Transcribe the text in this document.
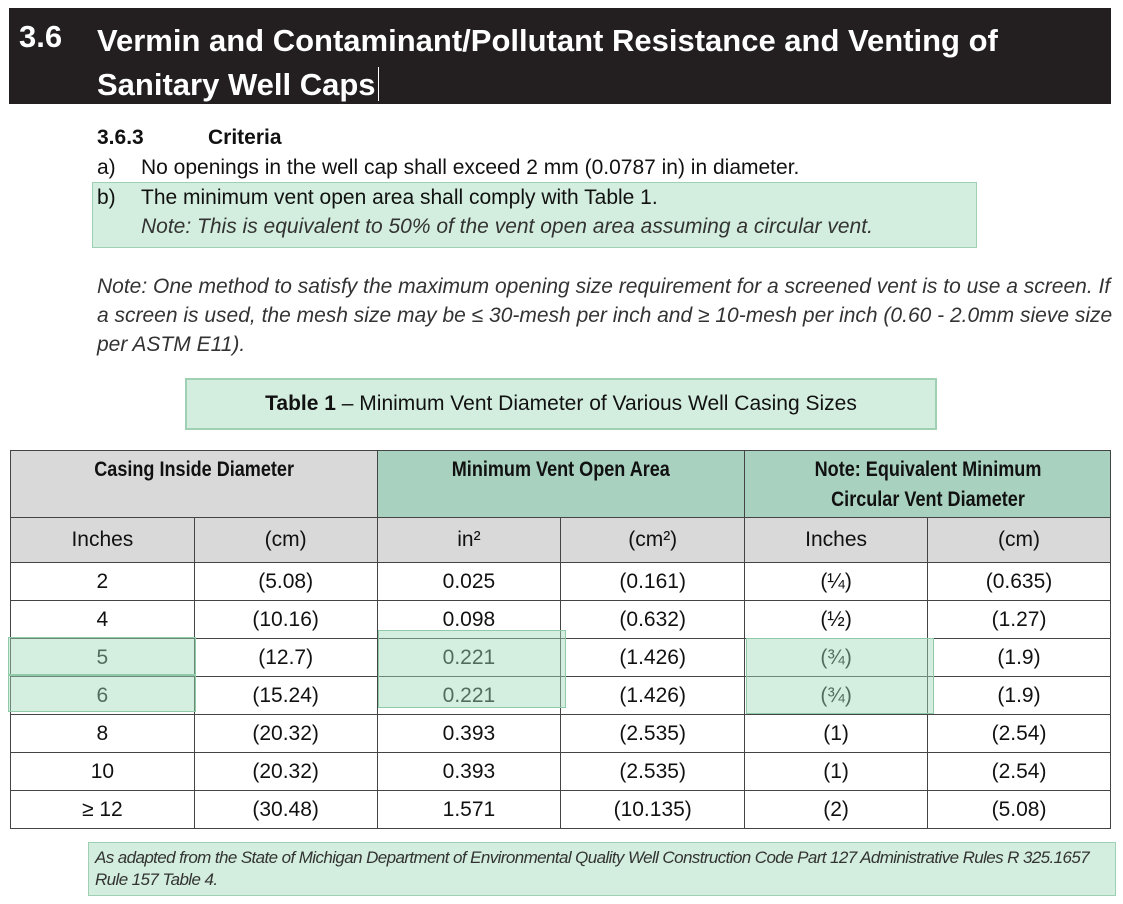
3.6 Vermin and Contaminant/Pollutant Resistance and Venting of Sanitary Well Caps
3.6.3	Criteria
a) No openings in the well cap shall exceed 2 mm (0.0787 in) in diameter.
b) The minimum vent open area shall comply with Table 1.
Note: This is equivalent to 50% of the vent open area assuming a circular vent.
Note: One method to satisfy the maximum opening size requirement for a screened vent is to use a screen. If a screen is used, the mesh size may be ≤ 30-mesh per inch and ≥ 10-mesh per inch (0.60 - 2.0mm sieve size per ASTM E11).
Table 1 – Minimum Vent Diameter of Various Well Casing Sizes
Casing Inside Diameter		Minimum Vent Open Area		Note: Equivalent Minimum Circular Vent Diameter	
Inches	(cm)	in²	(cm²)	Inches	(cm)
2	(5.08)	0.025	(0.161)	(¼)	(0.635)
4	(10.16)	0.098	(0.632)	(½)	(1.27)
5	(12.7)	0.221	(1.426)	(¾)	(1.9)
6	(15.24)	0.221	(1.426)	(¾)	(1.9)
8	(20.32)	0.393	(2.535)	(1)	(2.54)
10	(20.32)	0.393	(2.535)	(1)	(2.54)
≥ 12	(30.48)	1.571	(10.135)	(2)	(5.08)
As adapted from the State of Michigan Department of Environmental Quality Well Construction Code Part 127 Administrative Rules R 325.1657 Rule 157 Table 4.
